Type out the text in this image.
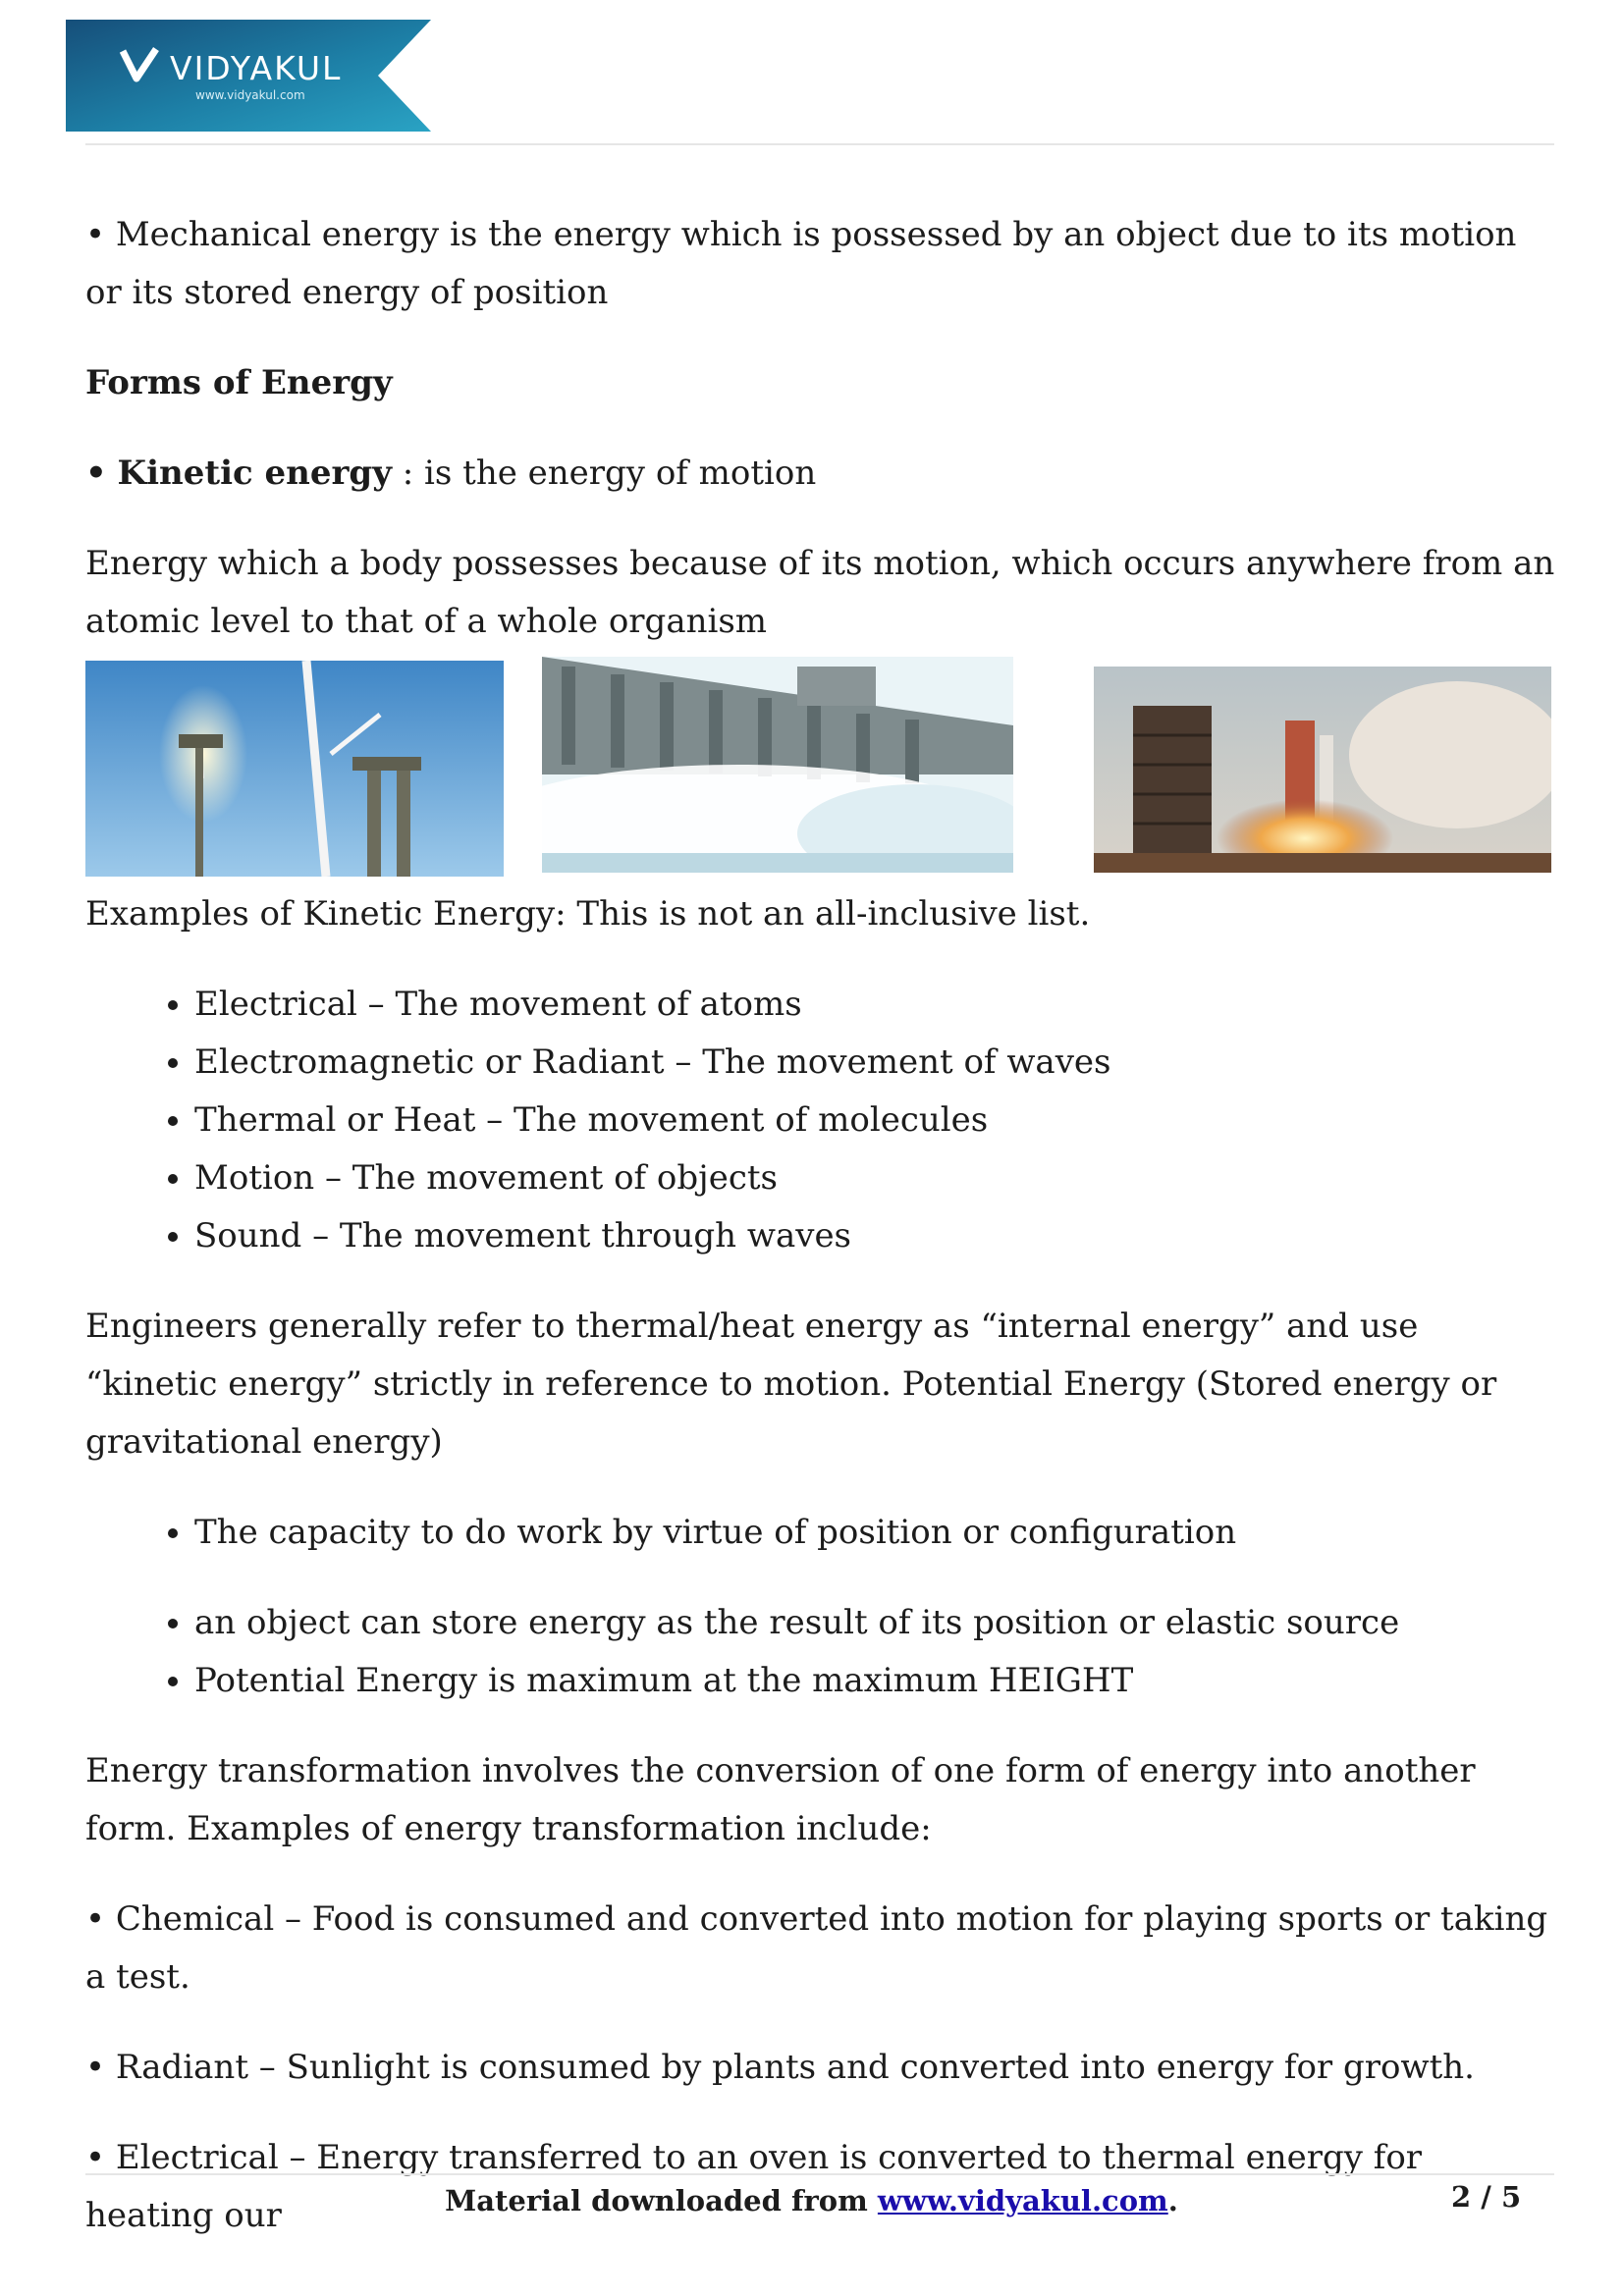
VIDYAKUL
www.vidyakul.com

• Mechanical energy is the energy which is possessed by an object due to its motion or its stored energy of position

Forms of Energy

• Kinetic energy : is the energy of motion

Energy which a body possesses because of its motion, which occurs anywhere from an atomic level to that of a whole organism

Examples of Kinetic Energy: This is not an all-inclusive list.

• Electrical – The movement of atoms
• Electromagnetic or Radiant – The movement of waves
• Thermal or Heat – The movement of molecules
• Motion – The movement of objects
• Sound – The movement through waves

Engineers generally refer to thermal/heat energy as “internal energy” and use “kinetic energy” strictly in reference to motion. Potential Energy (Stored energy or gravitational energy)

• The capacity to do work by virtue of position or configuration
• an object can store energy as the result of its position or elastic source
• Potential Energy is maximum at the maximum HEIGHT

Energy transformation involves the conversion of one form of energy into another form. Examples of energy transformation include:

• Chemical – Food is consumed and converted into motion for playing sports or taking a test.

• Radiant – Sunlight is consumed by plants and converted into energy for growth.

• Electrical – Energy transferred to an oven is converted to thermal energy for heating our	Material downloaded from www.vidyakul.com.	2 / 5
